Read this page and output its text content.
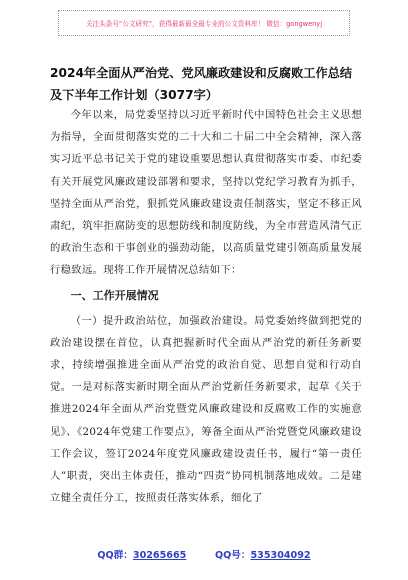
关注头条号“公文研究”，获得最新最全最专业的公文资料库！ 微信：gongwenyj
2024年全面从严治党、党风廉政建设和反腐败工作总结及下半年工作计划（3077字）

今年以来，局党委坚持以习近平新时代中国特色社会主义思想为指导，全面贯彻落实党的二十大和二十届二中全会精神，深入落实习近平总书记关于党的建设重要思想认真贯彻落实市委、市纪委有关开展党风廉政建设部署和要求，坚持以党纪学习教育为抓手，坚持全面从严治党，狠抓党风廉政建设责任制落实，坚定不移正风肃纪，筑牢拒腐防变的思想防线和制度防线，为全市营造风清气正的政治生态和干事创业的强劲动能，以高质量党建引领高质量发展行稳致远。现将工作开展情况总结如下：

一、工作开展情况

（一）提升政治站位，加强政治建设。局党委始终做到把党的政治建设摆在首位，认真把握新时代全面从严治党的新任务新要求，持续增强推进全面从严治党的政治自觉、思想自觉和行动自觉。一是对标落实新时期全面从严治党新任务新要求，起草《关于推进2024年全面从严治党暨党风廉政建设和反腐败工作的实施意见》、《2024年党建工作要点》，筹备全面从严治党暨党风廉政建设工作会议，签订2024年度党风廉政建设责任书，履行“第一责任人”职责，突出主体责任，推动“四责”协同机制落地成效。二是建立健全责任分工，按照责任落实体系，细化了

QQ群：30265665	QQ号：535304092
